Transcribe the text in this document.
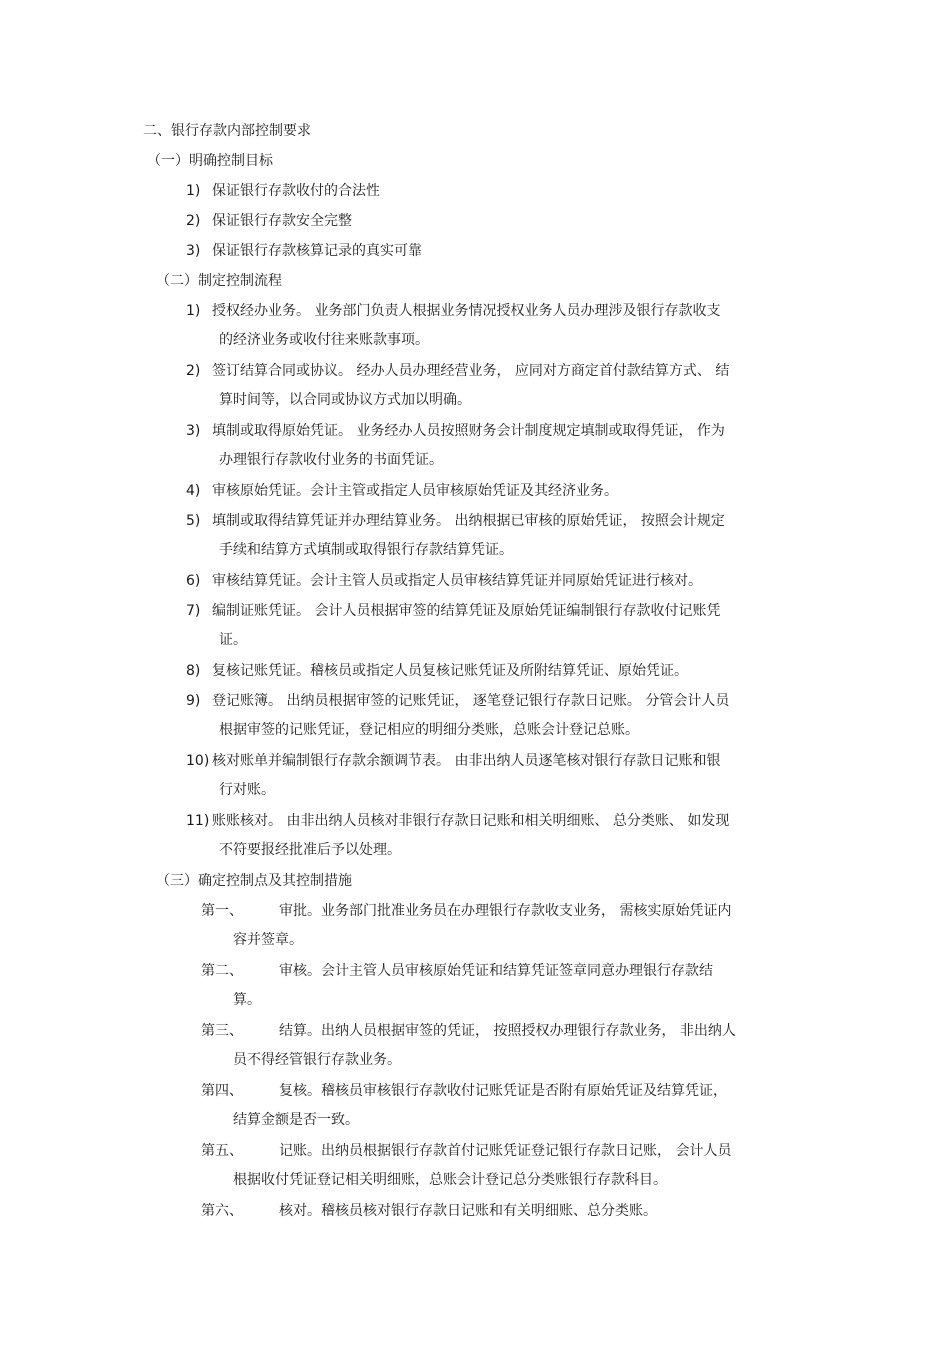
二、银行存款内部控制要求
（一）明确控制目标
1) 保证银行存款收付的合法性
2) 保证银行存款安全完整
3) 保证银行存款核算记录的真实可靠
（二）制定控制流程
1) 授权经办业务。 业务部门负责人根据业务情况授权业务人员办理涉及银行存款收支
的经济业务或收付往来账款事项。
2) 签订结算合同或协议。 经办人员办理经营业务， 应同对方商定首付款结算方式、 结
算时间等，以合同或协议方式加以明确。
3) 填制或取得原始凭证。 业务经办人员按照财务会计制度规定填制或取得凭证， 作为
办理银行存款收付业务的书面凭证。
4) 审核原始凭证。会计主管或指定人员审核原始凭证及其经济业务。
5) 填制或取得结算凭证并办理结算业务。 出纳根据已审核的原始凭证， 按照会计规定
手续和结算方式填制或取得银行存款结算凭证。
6) 审核结算凭证。会计主管人员或指定人员审核结算凭证并同原始凭证进行核对。
7) 编制证账凭证。 会计人员根据审签的结算凭证及原始凭证编制银行存款收付记账凭
证。
8) 复核记账凭证。稽核员或指定人员复核记账凭证及所附结算凭证、原始凭证。
9) 登记账簿。 出纳员根据审签的记账凭证， 逐笔登记银行存款日记账。 分管会计人员
根据审签的记账凭证，登记相应的明细分类账，总账会计登记总账。
10) 核对账单并编制银行存款余额调节表。 由非出纳人员逐笔核对银行存款日记账和银
行对账。
11) 账账核对。 由非出纳人员核对非银行存款日记账和相关明细账、 总分类账、 如发现
不符要报经批准后予以处理。
（三）确定控制点及其控制措施
第一、	审批。业务部门批准业务员在办理银行存款收支业务， 需核实原始凭证内
容并签章。
第二、	审核。会计主管人员审核原始凭证和结算凭证签章同意办理银行存款结
算。
第三、	结算。出纳人员根据审签的凭证， 按照授权办理银行存款业务， 非出纳人
员不得经管银行存款业务。
第四、	复核。稽核员审核银行存款收付记账凭证是否附有原始凭证及结算凭证，
结算金额是否一致。
第五、	记账。出纳员根据银行存款首付记账凭证登记银行存款日记账， 会计人员
根据收付凭证登记相关明细账，总账会计登记总分类账银行存款科目。
第六、	核对。稽核员核对银行存款日记账和有关明细账、总分类账。
